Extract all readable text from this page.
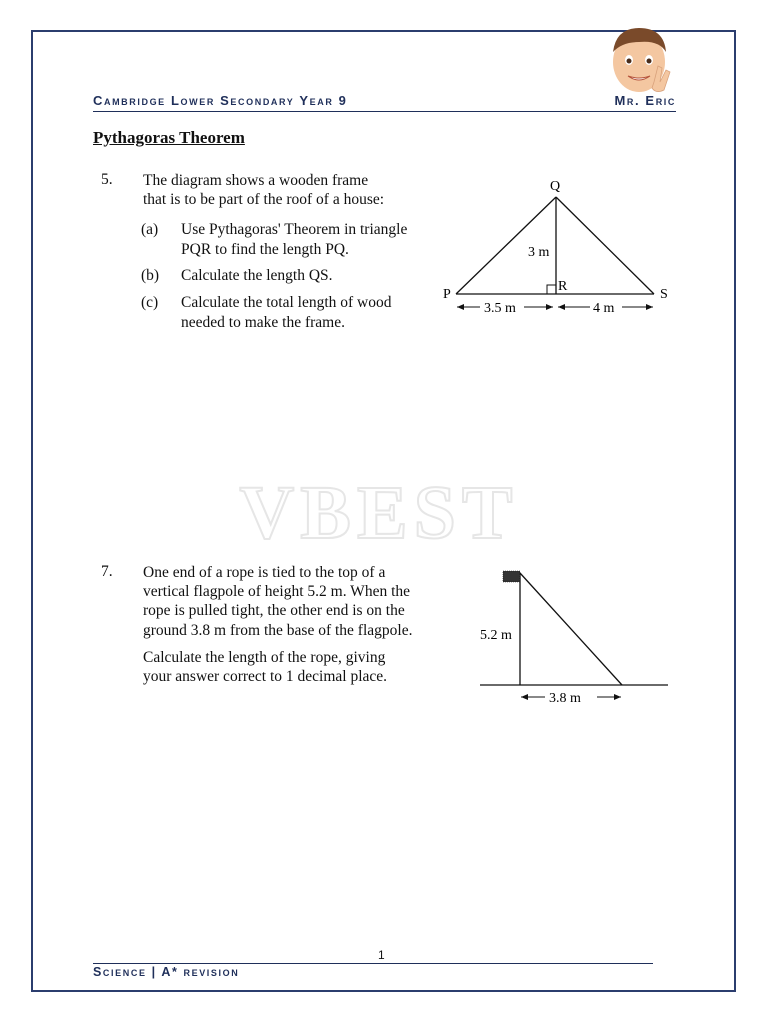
Cambridge Lower Secondary Year 9	Mr. Eric
Pythagoras Theorem
5. The diagram shows a wooden frame
that is to be part of the roof of a house:
(a) Use Pythagoras' Theorem in triangle
PQR to find the length PQ.
(b) Calculate the length QS.
(c) Calculate the total length of wood
needed to make the frame.
Q
P
R
S
3 m
3.5 m	4 m
VBEST
7. One end of a rope is tied to the top of a
vertical flagpole of height 5.2 m. When the
rope is pulled tight, the other end is on the
ground 3.8 m from the base of the flagpole.
Calculate the length of the rope, giving
your answer correct to 1 decimal place.
5.2 m
3.8 m
1
Science | A* revision
